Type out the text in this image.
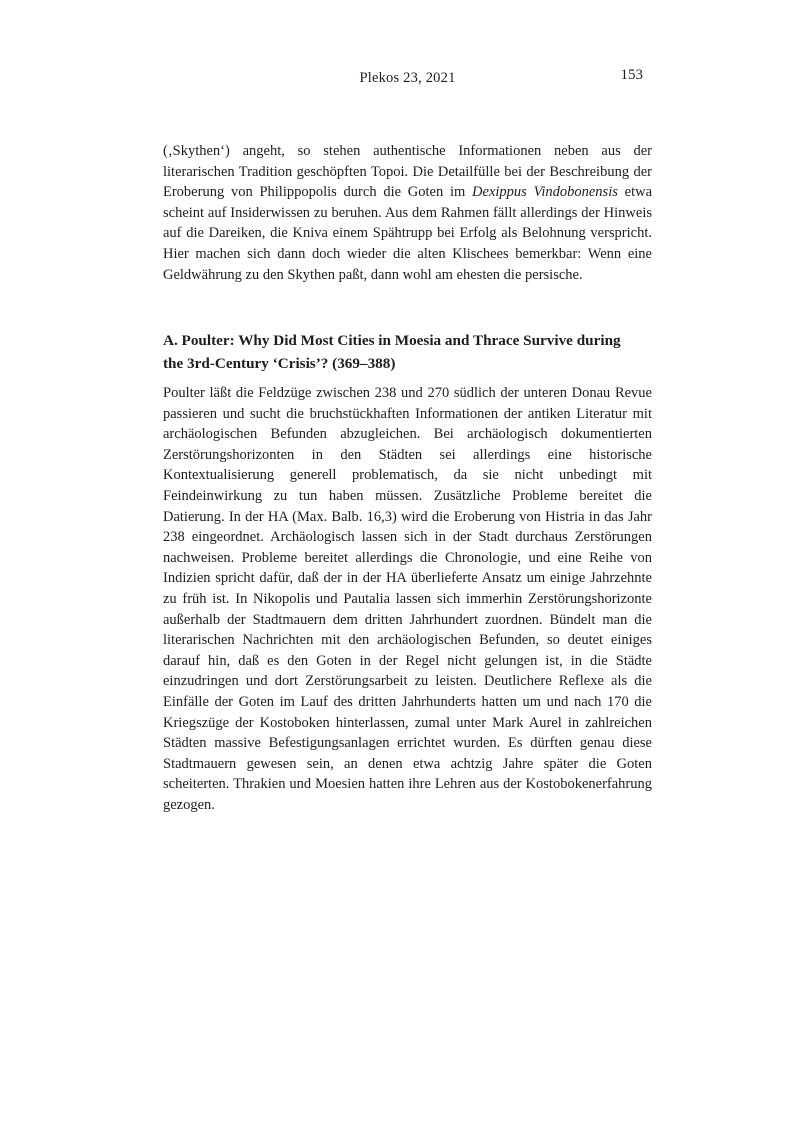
Plekos 23, 2021	153

(‚Skythen‘) angeht, so stehen authentische Informationen neben aus der literarischen Tradition geschöpften Topoi. Die Detailfülle bei der Beschreibung der Eroberung von Philippopolis durch die Goten im Dexippus Vindobonensis etwa scheint auf Insiderwissen zu beruhen. Aus dem Rahmen fällt allerdings der Hinweis auf die Dareiken, die Kniva einem Spähtrupp bei Erfolg als Belohnung verspricht. Hier machen sich dann doch wieder die alten Klischees bemerkbar: Wenn eine Geldwährung zu den Skythen paßt, dann wohl am ehesten die persische.

A. Poulter: Why Did Most Cities in Moesia and Thrace Survive during
the 3rd-Century ‘Crisis’? (369–388)

Poulter läßt die Feldzüge zwischen 238 und 270 südlich der unteren Donau Revue passieren und sucht die bruchstückhaften Informationen der antiken Literatur mit archäologischen Befunden abzugleichen. Bei archäologisch dokumentierten Zerstörungshorizonten in den Städten sei allerdings eine historische Kontextualisierung generell problematisch, da sie nicht unbedingt mit Feindeinwirkung zu tun haben müssen. Zusätzliche Probleme bereitet die Datierung. In der HA (Max. Balb. 16,3) wird die Eroberung von Histria in das Jahr 238 eingeordnet. Archäologisch lassen sich in der Stadt durchaus Zerstörungen nachweisen. Probleme bereitet allerdings die Chronologie, und eine Reihe von Indizien spricht dafür, daß der in der HA überlieferte Ansatz um einige Jahrzehnte zu früh ist. In Nikopolis und Pautalia lassen sich immerhin Zerstörungshorizonte außerhalb der Stadtmauern dem dritten Jahrhundert zuordnen. Bündelt man die literarischen Nachrichten mit den archäologischen Befunden, so deutet einiges darauf hin, daß es den Goten in der Regel nicht gelungen ist, in die Städte einzudringen und dort Zerstörungsarbeit zu leisten. Deutlichere Reflexe als die Einfälle der Goten im Lauf des dritten Jahrhunderts hatten um und nach 170 die Kriegszüge der Kostoboken hinterlassen, zumal unter Mark Aurel in zahlreichen Städten massive Befestigungsanlagen errichtet wurden. Es dürften genau diese Stadtmauern gewesen sein, an denen etwa achtzig Jahre später die Goten scheiterten. Thrakien und Moesien hatten ihre Lehren aus der Kostobokenerfahrung gezogen.
